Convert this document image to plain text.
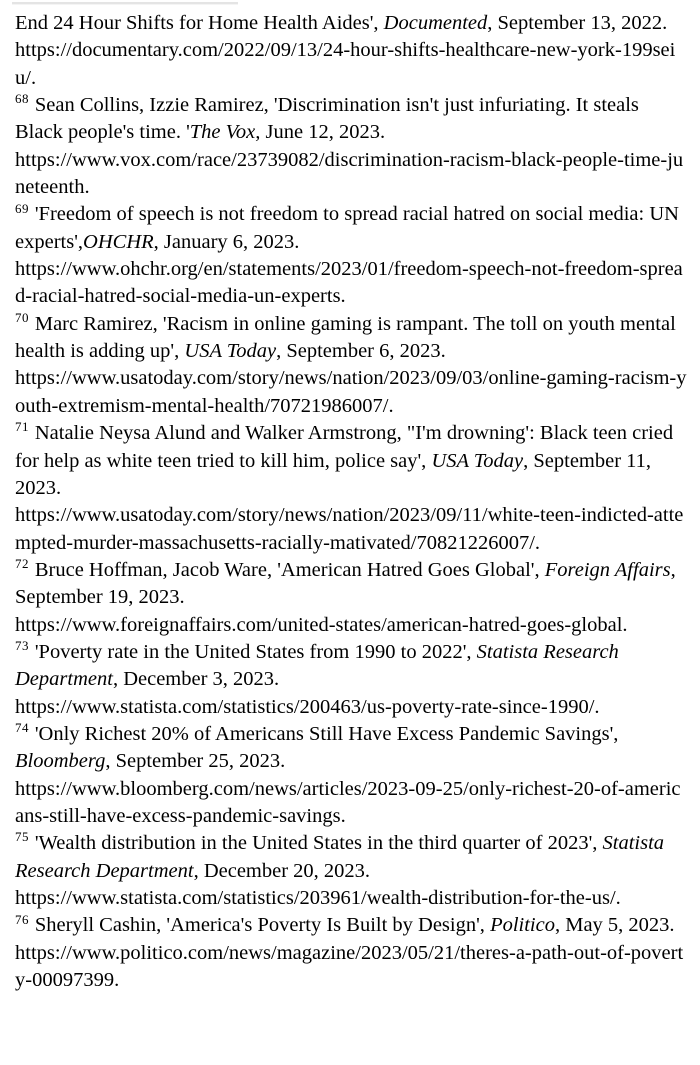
End 24 Hour Shifts for Home Health Aides', Documented, September 13, 2022.
https://documentary.com/2022/09/13/24-hour-shifts-healthcare-new-york-199seiu/.

$^{68}$ Sean Collins, Izzie Ramirez, 'Discrimination isn't just infuriating. It steals Black people's time. 'The Vox, June 12, 2023.
https://www.vox.com/race/23739082/discrimination-racism-black-people-time-juneteenth.

$^{69}$ 'Freedom of speech is not freedom to spread racial hatred on social media: UN experts',OHCHR, January 6, 2023.
https://www.ohchr.org/en/statements/2023/01/freedom-speech-not-freedom-spread-racial-hatred-social-media-un-experts.

$^{70}$ Marc Ramirez, 'Racism in online gaming is rampant. The toll on youth mental health is adding up', USA Today, September 6, 2023.
https://www.usatoday.com/story/news/nation/2023/09/03/online-gaming-racism-youth-extremism-mental-health/70721986007/.

$^{71}$ Natalie Neysa Alund and Walker Armstrong, "I'm drowning': Black teen cried for help as white teen tried to kill him, police say', USA Today, September 11, 2023.
https://www.usatoday.com/story/news/nation/2023/09/11/white-teen-indicted-attempted-murder-massachusetts-racially-mativated/70821226007/.

$^{72}$ Bruce Hoffman, Jacob Ware, 'American Hatred Goes Global', Foreign Affairs, September 19, 2023.
https://www.foreignaffairs.com/united-states/american-hatred-goes-global.

$^{73}$ 'Poverty rate in the United States from 1990 to 2022', Statista Research Department, December 3, 2023.
https://www.statista.com/statistics/200463/us-poverty-rate-since-1990/.

$^{74}$ 'Only Richest 20% of Americans Still Have Excess Pandemic Savings', Bloomberg, September 25, 2023.
https://www.bloomberg.com/news/articles/2023-09-25/only-richest-20-of-americans-still-have-excess-pandemic-savings.

$^{75}$ 'Wealth distribution in the United States in the third quarter of 2023', Statista Research Department, December 20, 2023.
https://www.statista.com/statistics/203961/wealth-distribution-for-the-us/.

$^{76}$ Sheryll Cashin, 'America's Poverty Is Built by Design', Politico, May 5, 2023.
https://www.politico.com/news/magazine/2023/05/21/theres-a-path-out-of-poverty-00097399.
